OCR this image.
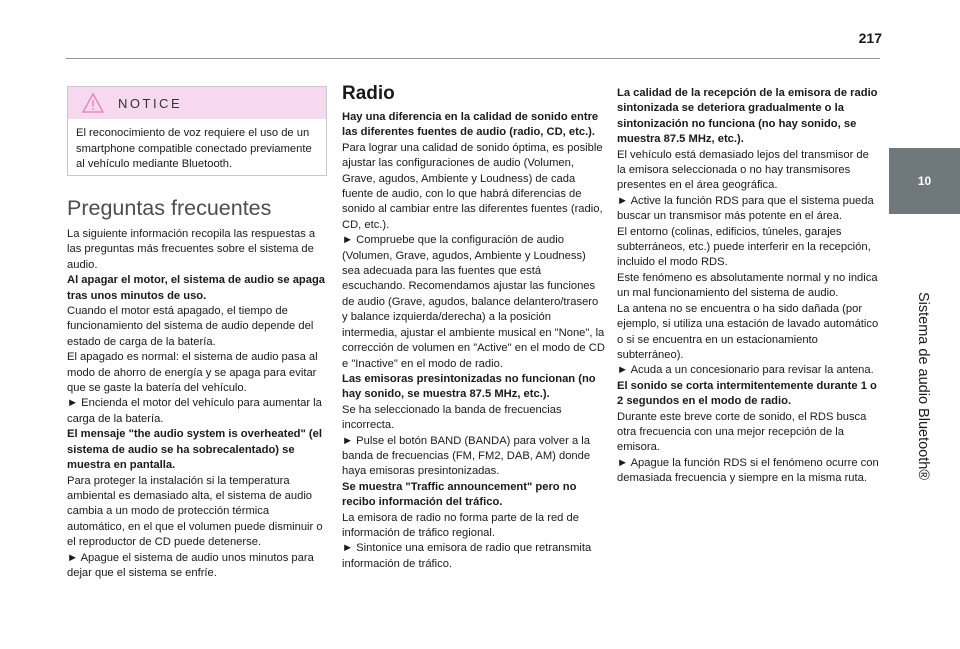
217
10
Sistema de audio Bluetooth®
NOTICE

El reconocimiento de voz requiere el uso de un smartphone compatible conectado previamente al vehículo mediante Bluetooth.

Preguntas frecuentes

La siguiente información recopila las respuestas a las preguntas más frecuentes sobre el sistema de audio.

Al apagar el motor, el sistema de audio se apaga tras unos minutos de uso.

Cuando el motor está apagado, el tiempo de funcionamiento del sistema de audio depende del estado de carga de la batería.

El apagado es normal: el sistema de audio pasa al modo de ahorro de energía y se apaga para evitar que se gaste la batería del vehículo.

► Encienda el motor del vehículo para aumentar la carga de la batería.

El mensaje "the audio system is overheated" (el sistema de audio se ha sobrecalentado) se muestra en pantalla.

Para proteger la instalación si la temperatura ambiental es demasiado alta, el sistema de audio cambia a un modo de protección térmica automático, en el que el volumen puede disminuir o el reproductor de CD puede detenerse.

► Apague el sistema de audio unos minutos para dejar que el sistema se enfríe.

Radio

Hay una diferencia en la calidad de sonido entre las diferentes fuentes de audio (radio, CD, etc.).

Para lograr una calidad de sonido óptima, es posible ajustar las configuraciones de audio (Volumen, Grave, agudos, Ambiente y Loudness) de cada fuente de audio, con lo que habrá diferencias de sonido al cambiar entre las diferentes fuentes (radio, CD, etc.).

► Compruebe que la configuración de audio (Volumen, Grave, agudos, Ambiente y Loudness) sea adecuada para las fuentes que está escuchando. Recomendamos ajustar las funciones de audio (Grave, agudos, balance delantero/trasero y balance izquierda/derecha) a la posición intermedia, ajustar el ambiente musical en "None", la corrección de volumen en "Active" en el modo de CD e "Inactive" en el modo de radio.

Las emisoras presintonizadas no funcionan (no hay sonido, se muestra 87.5 MHz, etc.).

Se ha seleccionado la banda de frecuencias incorrecta.

► Pulse el botón BAND (BANDA) para volver a la banda de frecuencias (FM, FM2, DAB, AM) donde haya emisoras presintonizadas.

Se muestra "Traffic announcement" pero no recibo información del tráfico.

La emisora de radio no forma parte de la red de información de tráfico regional.

► Sintonice una emisora de radio que retransmita información de tráfico.

La calidad de la recepción de la emisora de radio sintonizada se deteriora gradualmente o la sintonización no funciona (no hay sonido, se muestra 87.5 MHz, etc.).

El vehículo está demasiado lejos del transmisor de la emisora seleccionada o no hay transmisores presentes en el área geográfica.

► Active la función RDS para que el sistema pueda buscar un transmisor más potente en el área.

El entorno (colinas, edificios, túneles, garajes subterráneos, etc.) puede interferir en la recepción, incluido el modo RDS.

Este fenómeno es absolutamente normal y no indica un mal funcionamiento del sistema de audio.

La antena no se encuentra o ha sido dañada (por ejemplo, si utiliza una estación de lavado automático o si se encuentra en un estacionamiento subterráneo).

► Acuda a un concesionario para revisar la antena.

El sonido se corta intermitentemente durante 1 o 2 segundos en el modo de radio.

Durante este breve corte de sonido, el RDS busca otra frecuencia con una mejor recepción de la emisora.

► Apague la función RDS si el fenómeno ocurre con demasiada frecuencia y siempre en la misma ruta.
